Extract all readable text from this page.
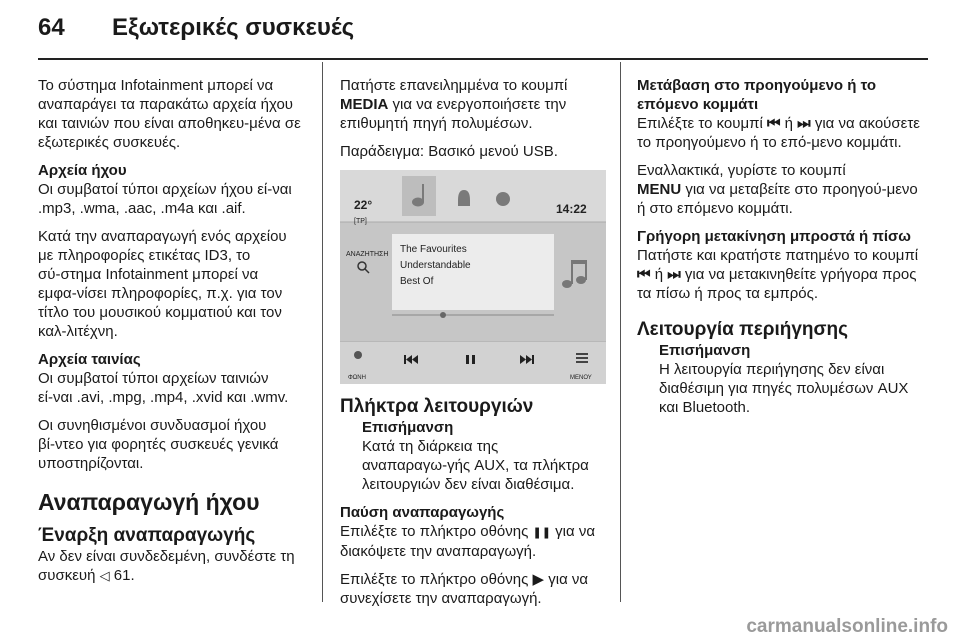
64 Εξωτερικές συσκευές

Το σύστημα Infotainment μπορεί να αναπαράγει τα παρακάτω αρχεία ήχου και ταινιών που είναι αποθηκευ‑μένα σε εξωτερικές συσκευές.

Αρχεία ήχου

Οι συμβατοί τύποι αρχείων ήχου εί‑ναι .mp3, .wma, .aac, .m4a και .aif.

Κατά την αναπαραγωγή ενός αρχείου με πληροφορίες ετικέτας ID3, το σύ‑στημα Infotainment μπορεί να εμφα‑νίσει πληροφορίες, π.χ. για τον τίτλο του μουσικού κομματιού και τον καλ‑λιτέχνη.

Αρχεία ταινίας

Οι συμβατοί τύποι αρχείων ταινιών εί‑ναι .avi, .mpg, .mp4, .xvid και .wmv.

Οι συνηθισμένοι συνδυασμοί ήχου βί‑ντεο για φορητές συσκευές γενικά υποστηρίζονται.

Αναπαραγωγή ήχου
Έναρξη αναπαραγωγής

Αν δεν είναι συνδεδεμένη, συνδέστε τη συσκευή ◁ 61.

Πατήστε επανειλημμένα το κουμπί
MEDIA για να ενεργοποιήσετε την επιθυμητή πηγή πολυμέσων.

Παράδειγμα: Βασικό μενού USB.

22°
[TP]
14:22
ΑΝΑΖΗΤΗΣΗ The Favourites
Understandable
Best Of
ΦΩΝΗ	ΜΕΝΟΥ
Πλήκτρα λειτουργιών
Επισήμανση

Κατά τη διάρκεια της αναπαραγω‑γής AUX, τα πλήκτρα λειτουργιών δεν είναι διαθέσιμα.

Παύση αναπαραγωγής

Επιλέξτε το πλήκτρο οθόνης ❚❚ για να διακόψετε την αναπαραγωγή.

Επιλέξτε το πλήκτρο οθόνης ▶ για να συνεχίσετε την αναπαραγωγή.

Μετάβαση στο προηγούμενο ή το επόμενο κομμάτι

Επιλέξτε το κουμπί ⏮ ή ⏭ για να ακούσετε το προηγούμενο ή το επό‑μενο κομμάτι.

Εναλλακτικά, γυρίστε το κουμπί
MENU για να μεταβείτε στο προηγού‑μενο ή στο επόμενο κομμάτι.

Γρήγορη μετακίνηση μπροστά ή πίσω

Πατήστε και κρατήστε πατημένο το κουμπί ⏮ ή ⏭ για να μετακινηθείτε γρήγορα προς τα πίσω ή προς τα εμπρός.

Λειτουργία περιήγησης
Επισήμανση

Η λειτουργία περιήγησης δεν είναι διαθέσιμη για πηγές πολυμέσων AUX και Bluetooth.

carmanualsonline.info
